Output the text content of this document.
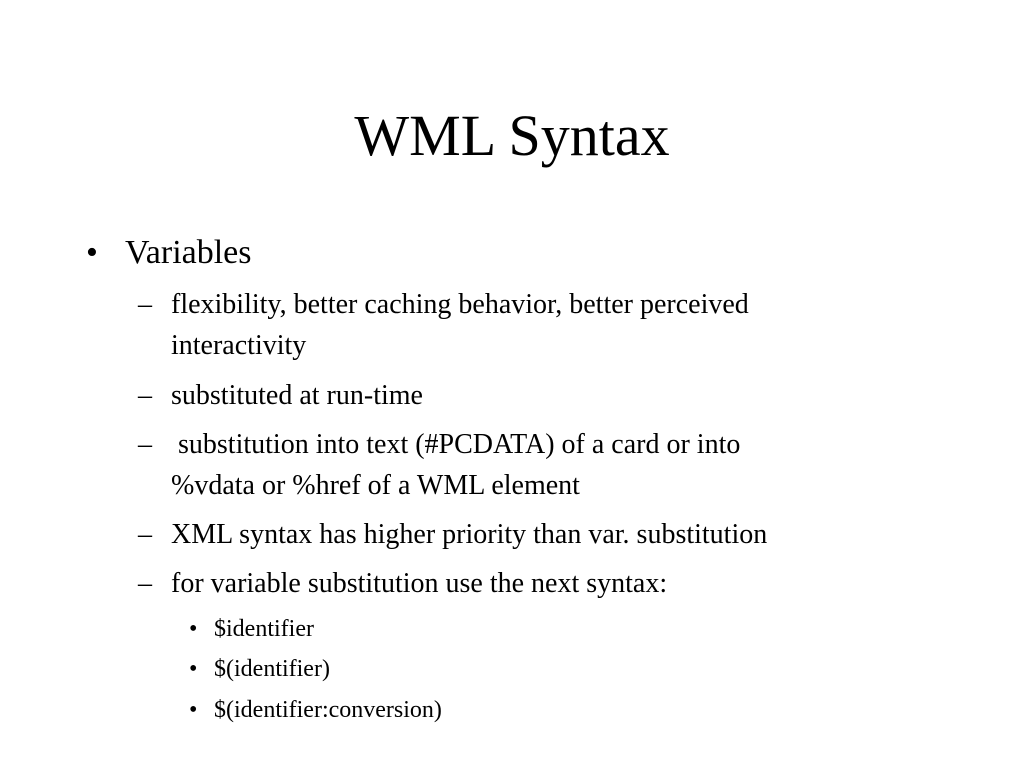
WML Syntax
• Variables
– flexibility, better caching behavior, better perceived
interactivity
– substituted at run-time
– substitution into text (#PCDATA) of a card or into
%vdata or %href of a WML element
– XML syntax has higher priority than var. substitution
– for variable substitution use the next syntax:
• $identifier
• $(identifier)
• $(identifier:conversion)
